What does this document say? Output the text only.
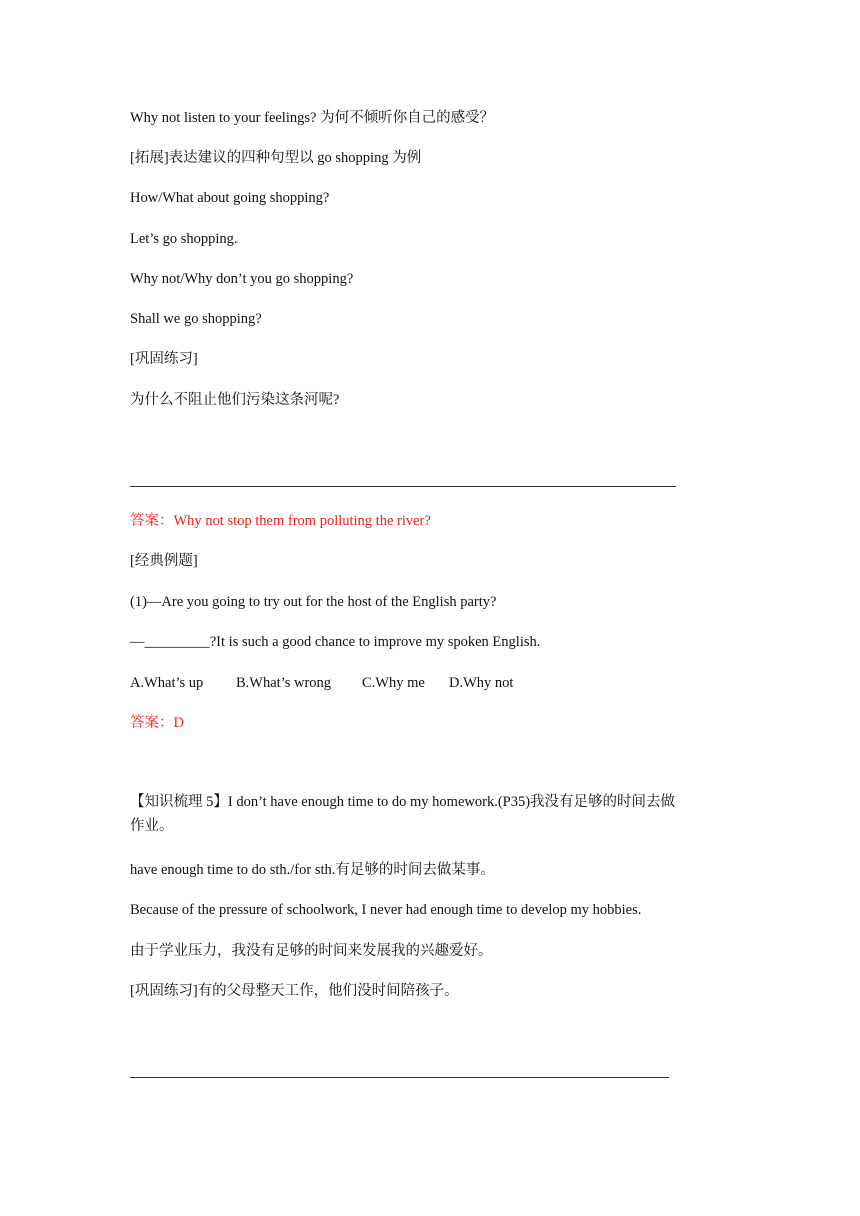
Why not listen to your feelings? 为何不倾听你自己的感受？
[拓展]表达建议的四种句型以 go shopping 为例
How/What about going shopping?
Let’s go shopping.
Why not/Why don’t you go shopping?
Shall we go shopping?
[巩固练习]
为什么不阻止他们污染这条河呢?
答案：Why not stop them from polluting the river?
[经典例题]
(1)—Are you going to try out for the host of the English party?
—_________?It is such a good chance to improve my spoken English.
A.What’s up B.What’s wrong C.Why me D.Why not
答案：D
【知识梳理 5】I don’t have enough time to do my homework.(P35)我没有足够的时间去做作业。
have enough time to do sth./for sth.有足够的时间去做某事。
Because of the pressure of schoolwork, I never had enough time to develop my hobbies.
由于学业压力，我没有足够的时间来发展我的兴趣爱好。
[巩固练习]有的父母整天工作，他们没时间陪孩子。
